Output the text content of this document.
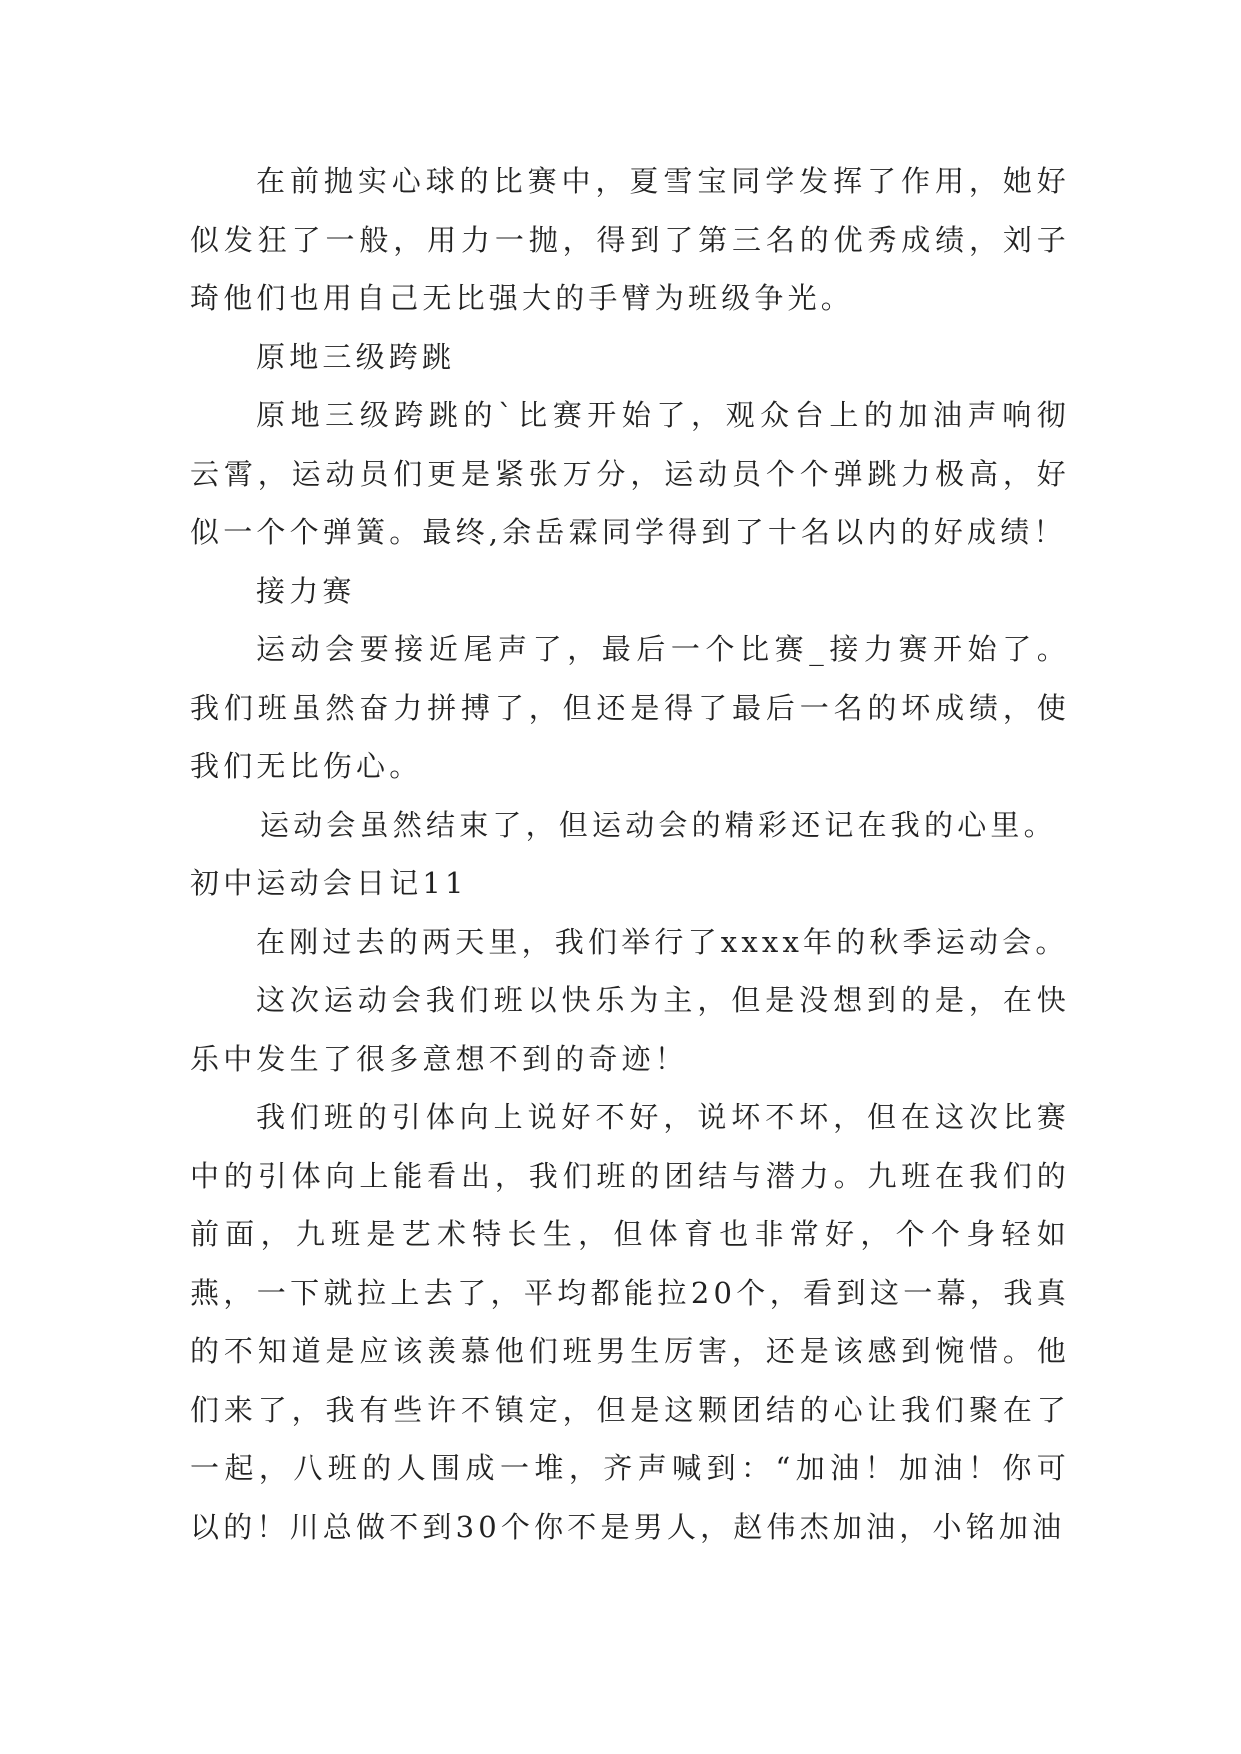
在前抛实心球的比赛中，夏雪宝同学发挥了作用，她好似发狂了一般，用力一抛，得到了第三名的优秀成绩，刘子琦他们也用自己无比强大的手臂为班级争光。

原地三级跨跳

原地三级跨跳的`比赛开始了，观众台上的加油声响彻云霄，运动员们更是紧张万分，运动员个个弹跳力极高，好似一个个弹簧。最终,余岳霖同学得到了十名以内的好成绩！

接力赛

运动会要接近尾声了，最后一个比赛_接力赛开始了。我们班虽然奋力拼搏了，但还是得了最后一名的坏成绩，使我们无比伤心。

运动会虽然结束了，但运动会的精彩还记在我的心里。

初中运动会日记11

在刚过去的两天里，我们举行了xxxx年的秋季运动会。

这次运动会我们班以快乐为主，但是没想到的是，在快乐中发生了很多意想不到的奇迹！

我们班的引体向上说好不好，说坏不坏，但在这次比赛中的引体向上能看出，我们班的团结与潜力。九班在我们的前面，九班是艺术特长生，但体育也非常好，个个身轻如燕，一下就拉上去了，平均都能拉20个，看到这一幕，我真的不知道是应该羡慕他们班男生厉害，还是该感到惋惜。他们来了，我有些许不镇定，但是这颗团结的心让我们聚在了一起，八班的人围成一堆，齐声喊到：“加油！加油！你可以的！川总做不到30个你不是男人，赵伟杰加油，小铭加油
